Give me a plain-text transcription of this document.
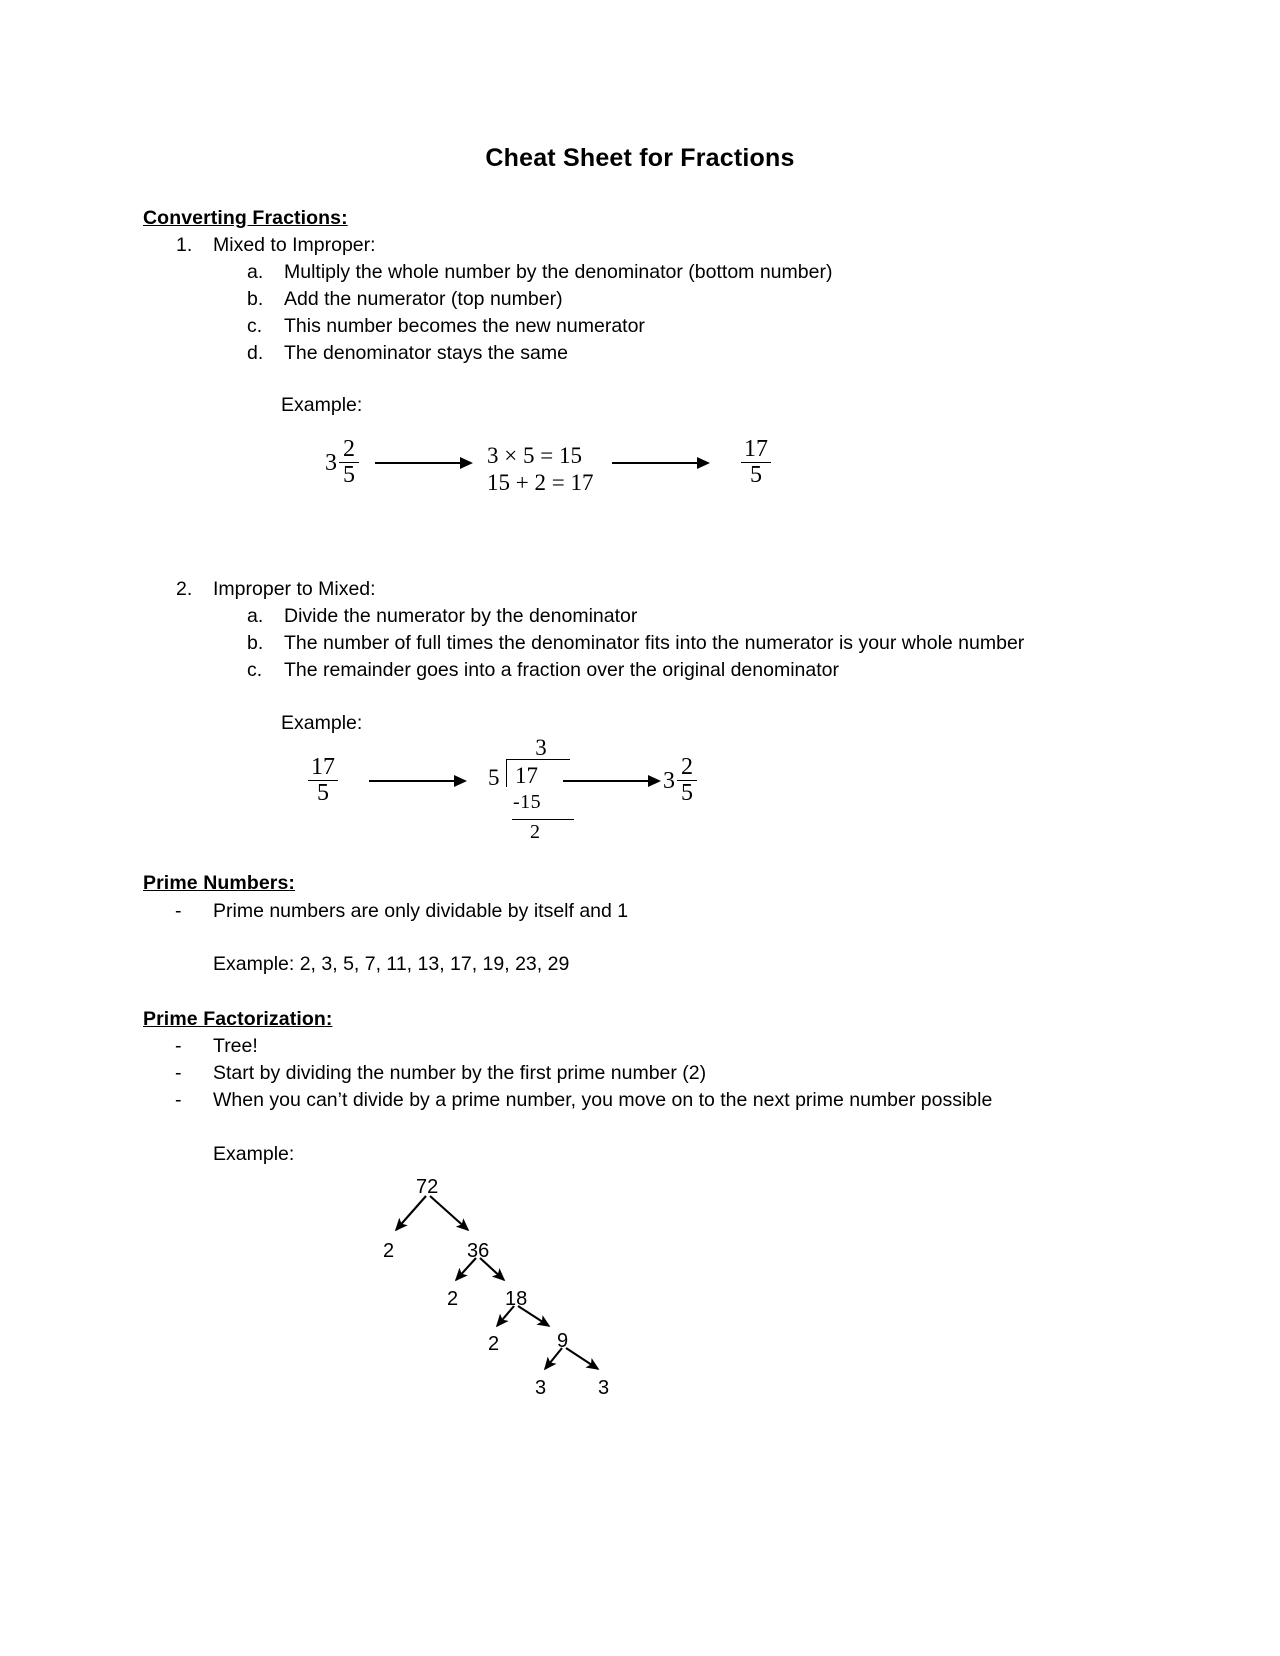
Cheat Sheet for Fractions
Converting Fractions:
1. Mixed to Improper:
a. Multiply the whole number by the denominator (bottom number)
b. Add the numerator (top number)
c. This number becomes the new numerator
d. The denominator stays the same
Example:
$3 \frac{2}{5}$	3 × 5 = 15
15 + 2 = 17	$\frac{17}{5}$
2. Improper to Mixed:
a. Divide the numerator by the denominator
b. The number of full times the denominator fits into the numerator is your whole number
c. The remainder goes into a fraction over the original denominator
Example:
$\frac{17}{5}$	5
3
17
-15
2
$3 \frac{2}{5}$
Prime Numbers:
- Prime numbers are only dividable by itself and 1
Example: 2, 3, 5, 7, 11, 13, 17, 19, 23, 29
Prime Factorization:
- Tree!
- Start by dividing the number by the first prime number (2)
- When you can’t divide by a prime number, you move on to the next prime number possible
Example:
72
2	36
2 18
2	9
3	3
